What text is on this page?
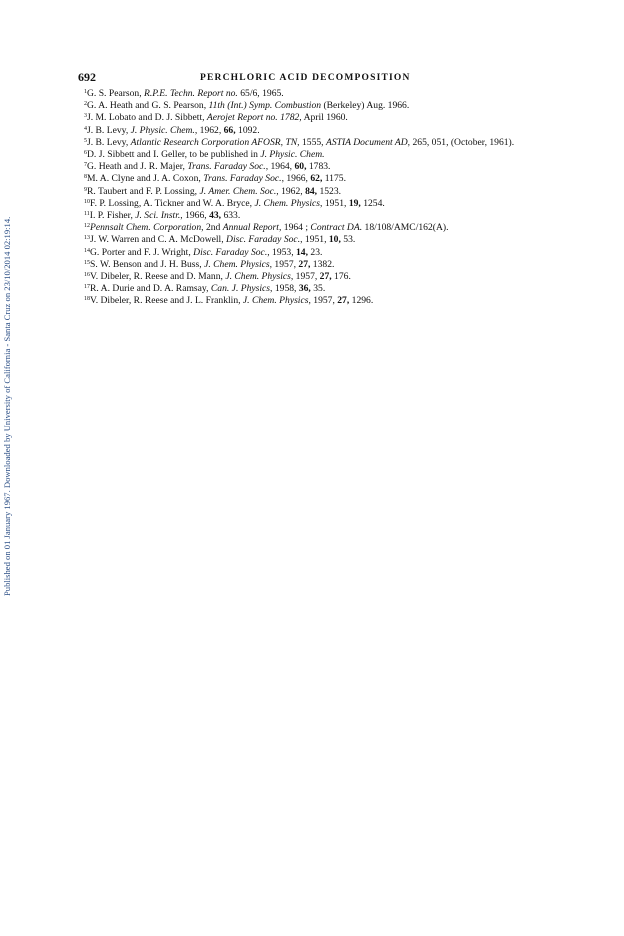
692	PERCHLORIC ACID DECOMPOSITION
Published on 01 January 1967. Downloaded by University of California - Santa Cruz on 23/10/2014 02:19:14.
$^1$G. S. Pearson, R.P.E. Techn. Report no. 65/6, 1965.
$^2$G. A. Heath and G. S. Pearson, 11th (Int.) Symp. Combustion (Berkeley) Aug. 1966.
$^3$J. M. Lobato and D. J. Sibbett, Aerojet Report no. 1782, April 1960.
$^4$J. B. Levy, J. Physic. Chem., 1962, 66, 1092.
$^5$J. B. Levy, Atlantic Research Corporation AFOSR, TN, 1555, ASTIA Document AD, 265, 051, (October, 1961).
$^6$D. J. Sibbett and I. Geller, to be published in J. Physic. Chem.
$^7$G. Heath and J. R. Majer, Trans. Faraday Soc., 1964, 60, 1783.
$^8$M. A. Clyne and J. A. Coxon, Trans. Faraday Soc., 1966, 62, 1175.
$^9$R. Taubert and F. P. Lossing, J. Amer. Chem. Soc., 1962, 84, 1523.
$^{10}$F. P. Lossing, A. Tickner and W. A. Bryce, J. Chem. Physics, 1951, 19, 1254.
$^{11}$I. P. Fisher, J. Sci. Instr., 1966, 43, 633.
$^{12}$Pennsalt Chem. Corporation, 2nd Annual Report, 1964 ; Contract DA. 18/108/AMC/162(A).
$^{13}$J. W. Warren and C. A. McDowell, Disc. Faraday Soc., 1951, 10, 53.
$^{14}$G. Porter and F. J. Wright, Disc. Faraday Soc., 1953, 14, 23.
$^{15}$S. W. Benson and J. H. Buss, J. Chem. Physics, 1957, 27, 1382.
$^{16}$V. Dibeler, R. Reese and D. Mann, J. Chem. Physics, 1957, 27, 176.
$^{17}$R. A. Durie and D. A. Ramsay, Can. J. Physics, 1958, 36, 35.
$^{18}$V. Dibeler, R. Reese and J. L. Franklin, J. Chem. Physics, 1957, 27, 1296.
